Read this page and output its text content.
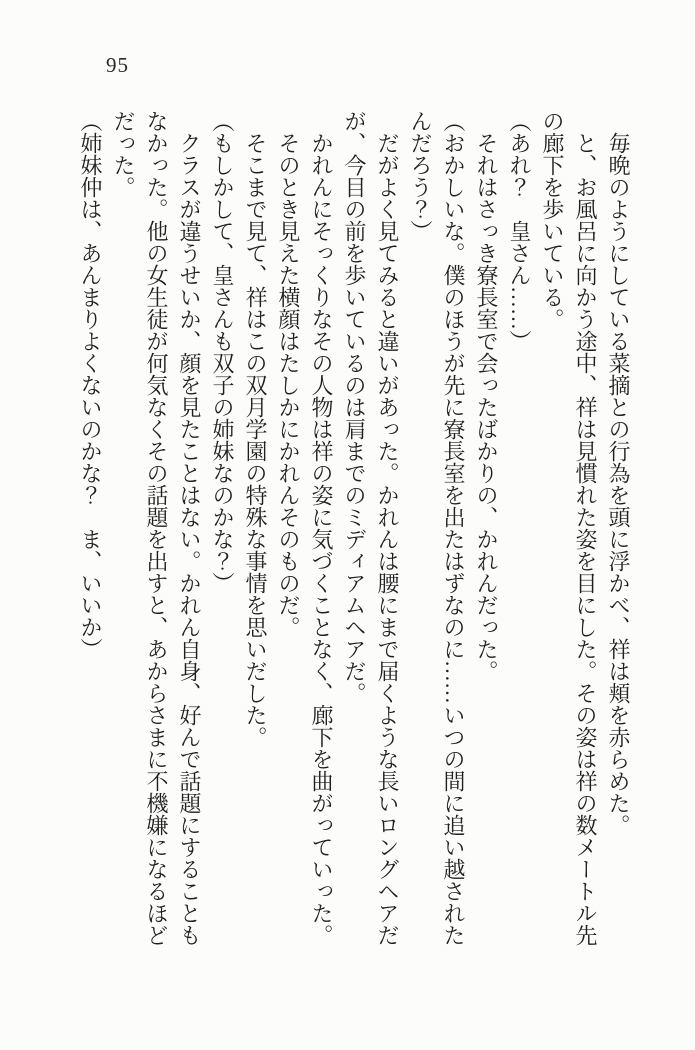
95

毎晩のようにしている菜摘との行為を頭に浮かべ、祥は頬を赤らめた。

と、お風呂に向かう途中、祥は見慣れた姿を目にした。その姿は祥の数メートル先の廊下を歩いている。

（あれ？　皇さん……）

それはさっき寮長室で会ったばかりの、かれんだった。

（おかしいな。僕のほうが先に寮長室を出たはずなのに……いつの間に追い越されたんだろう？）

だがよく見てみると違いがあった。かれんは腰にまで届くような長いロングヘアだが、今目の前を歩いているのは肩までのミディアムヘアだ。

かれんにそっくりなその人物は祥の姿に気づくことなく、廊下を曲がっていった。

そのとき見えた横顔はたしかにかれんそのものだ。

そこまで見て、祥はこの双月学園の特殊な事情を思いだした。

（もしかして、皇さんも双子の姉妹なのかな？）

クラスが違うせいか、顔を見たことはない。かれん自身、好んで話題にすることもなかった。他の女生徒が何気なくその話題を出すと、あからさまに不機嫌になるほどだった。

（姉妹仲は、あんまりよくないのかな？　ま、いいか）
